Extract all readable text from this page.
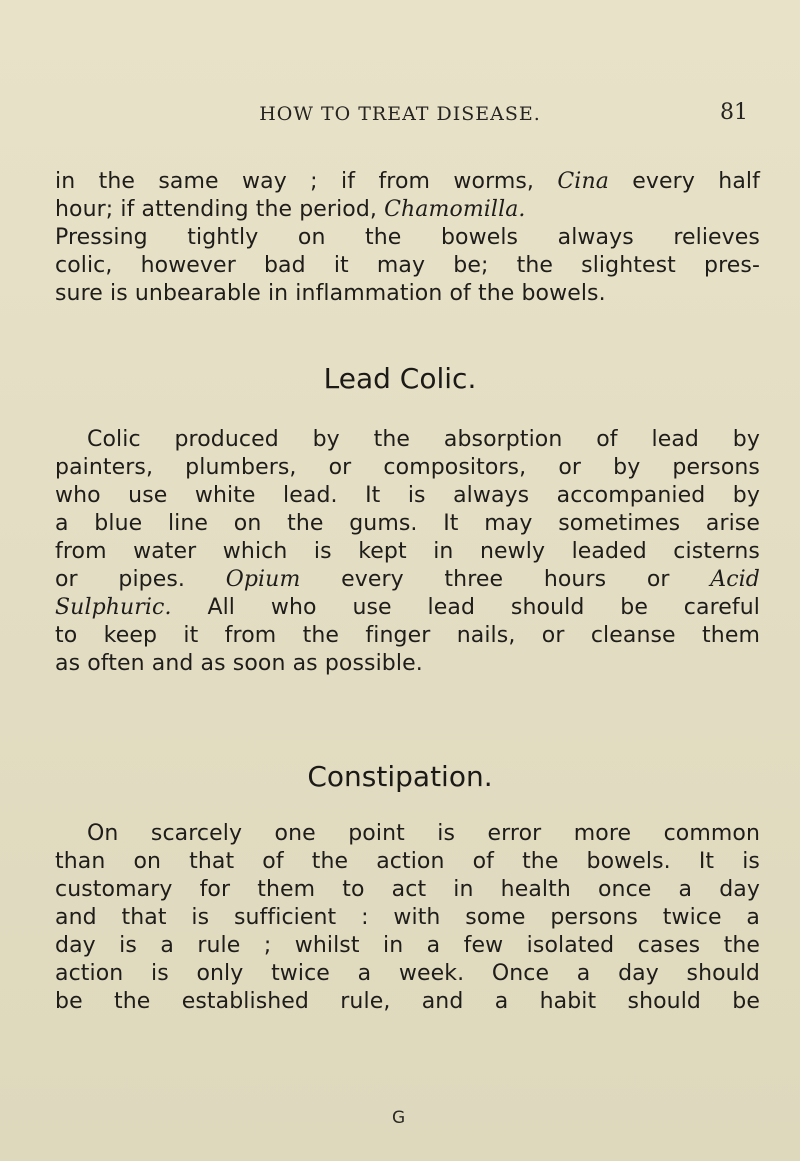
HOW TO TREAT DISEASE.	81
in the same way ; if from worms, Cina every half
hour; if attending the period, Chamomilla.
Pressing tightly on the bowels always relieves
colic, however bad it may be; the slightest pres-
sure is unbearable in inflammation of the bowels.
Lead Colic.
Colic produced by the absorption of lead by
painters, plumbers, or compositors, or by persons
who use white lead. It is always accompanied by
a blue line on the gums. It may sometimes arise
from water which is kept in newly leaded cisterns
or pipes. Opium every three hours or Acid
Sulphuric. All who use lead should be careful
to keep it from the finger nails, or cleanse them
as often and as soon as possible.
Constipation.
On scarcely one point is error more common
than on that of the action of the bowels. It is
customary for them to act in health once a day
and that is sufficient : with some persons twice a
day is a rule ; whilst in a few isolated cases the
action is only twice a week. Once a day should
be the established rule, and a habit should be
G
